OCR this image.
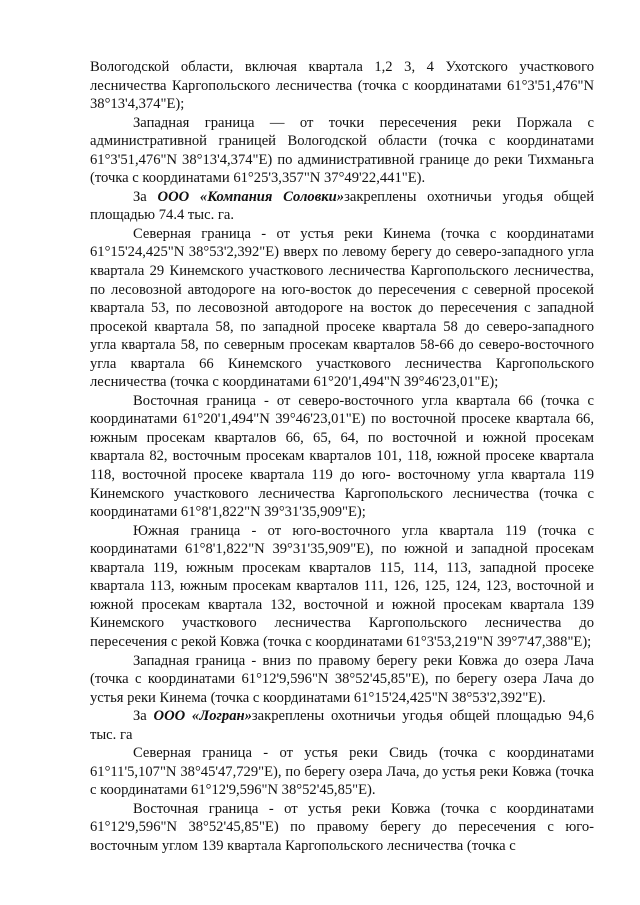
Вологодской области, включая квартала 1,2 3, 4 Ухотского участкового лесничества Каргопольского лесничества (точка с координатами 61°3'51,476"N 38°13'4,374"E);

Западная граница — от точки пересечения реки Поржала с административной границей Вологодской области (точка с координатами 61°3'51,476"N 38°13'4,374"E) по административной границе до реки Тихманьга (точка с координатами 61°25'3,357"N 37°49'22,441"E).

За ООО «Компания Соловки»закреплены охотничьи угодья общей площадью 74.4 тыс. га.

Северная граница - от устья реки Кинема (точка с координатами 61°15'24,425"N 38°53'2,392"E) вверх по левому берегу до северо-западного угла квартала 29 Кинемского участкового лесничества Каргопольского лесничества, по лесовозной автодороге на юго-восток до пересечения с северной просекой квартала 53, по лесовозной автодороге на восток до пересечения с западной просекой квартала 58, по западной просеке квартала 58 до северо-западного угла квартала 58, по северным просекам кварталов 58-66 до северо-восточного угла квартала 66 Кинемского участкового лесничества Каргопольского лесничества (точка с координатами 61°20'1,494"N 39°46'23,01"E);

Восточная граница - от северо-восточного угла квартала 66 (точка с координатами 61°20'1,494"N 39°46'23,01"E) по восточной просеке квартала 66, южным просекам кварталов 66, 65, 64, по восточной и южной просекам квартала 82, восточным просекам кварталов 101, 118, южной просеке квартала 118, восточной просеке квартала 119 до юго- восточному угла квартала 119 Кинемского участкового лесничества Каргопольского лесничества (точка с координатами 61°8'1,822"N 39°31'35,909"E);

Южная граница - от юго-восточного угла квартала 119 (точка с координатами 61°8'1,822"N 39°31'35,909"E), по южной и западной просекам квартала 119, южным просекам кварталов 115, 114, 113, западной просеке квартала 113, южным просекам кварталов 111, 126, 125, 124, 123, восточной и южной просекам квартала 132, восточной и южной просекам квартала 139 Кинемского участкового лесничества Каргопольского лесничества до пересечения с рекой Ковжа (точка с координатами 61°3'53,219"N 39°7'47,388"E);

Западная граница - вниз по правому берегу реки Ковжа до озера Лача (точка с координатами 61°12'9,596"N 38°52'45,85"E), по берегу озера Лача до устья реки Кинема (точка с координатами 61°15'24,425"N 38°53'2,392"E).

За ООО «Логран»закреплены охотничьи угодья общей площадью 94,6 тыс. га

Северная граница - от устья реки Свидь (точка с координатами 61°11'5,107"N 38°45'47,729"E), по берегу озера Лача, до устья реки Ковжа (точка с координатами 61°12'9,596"N 38°52'45,85"E).

Восточная граница - от устья реки Ковжа (точка с координатами 61°12'9,596"N 38°52'45,85"E) по правому берегу до пересечения с юго-восточным углом 139 квартала Каргопольского лесничества (точка с
